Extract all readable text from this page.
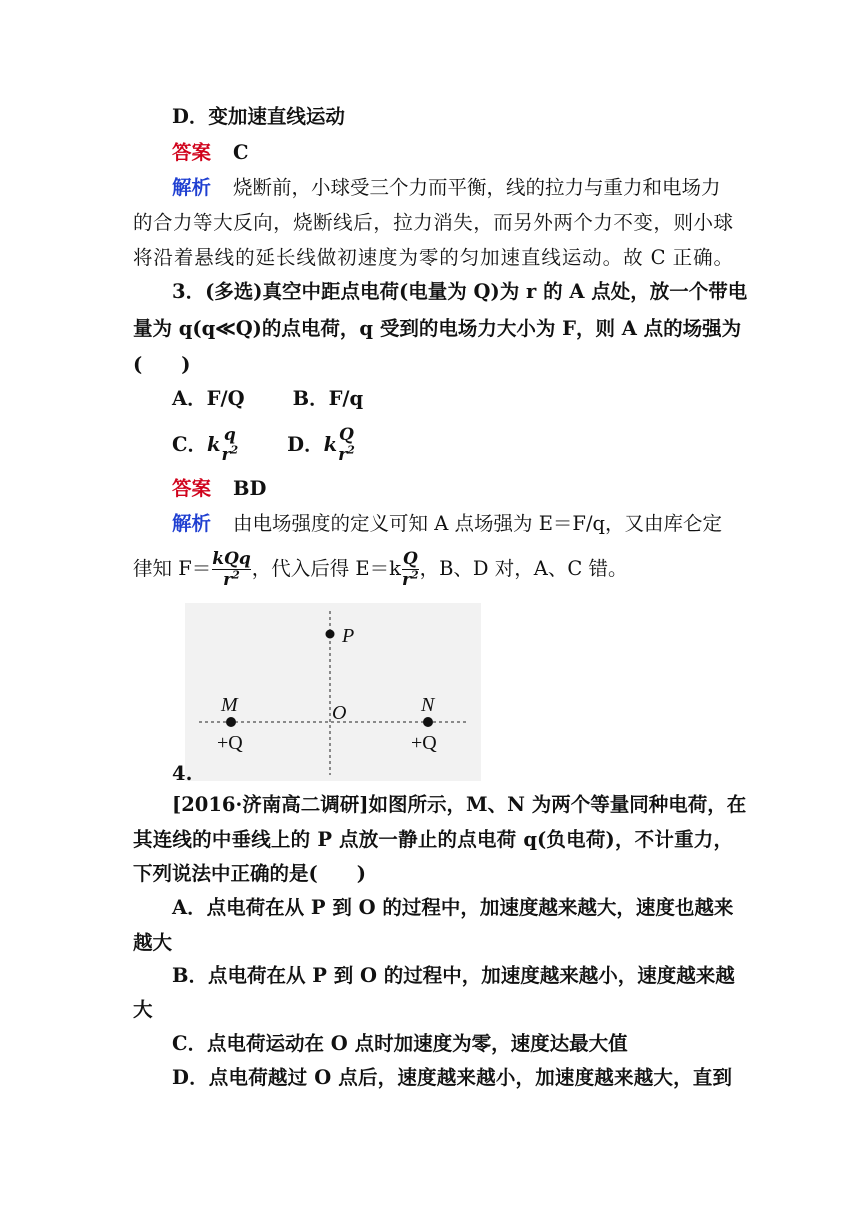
D．变加速直线运动
答案 C
解析 烧断前，小球受三个力而平衡，线的拉力与重力和电场力
的合力等大反向，烧断线后，拉力消失，而另外两个力不变，则小球
将沿着悬线的延长线做初速度为零的匀加速直线运动。故 C 正确。
3．(多选)真空中距点电荷(电量为 Q)为 r 的 A 点处，放一个带电
量为 q(q≪Q)的点电荷，q 受到的电场力大小为 F，则 A 点的场强为
(　　)
A．F/Q B．F/q
C．k q
$r^2$	D．k Q
$r^2$
答案 BD
解析 由电场强度的定义可知 A 点场强为 E＝F/q，又由库仑定
律知 $F= \frac{\text{kQq}}{r^2}$ ，代入后得 $E=k \frac{Q}{r^2}$ ，B、D 对，A、C 错。
P
M	O	N
+Q	+Q
4.
[2016·济南高二调研]如图所示，M、N 为两个等量同种电荷，在
其连线的中垂线上的 P 点放一静止的点电荷 q(负电荷)，不计重力，
下列说法中正确的是(　　)
A．点电荷在从 P 到 O 的过程中，加速度越来越大，速度也越来
越大
B．点电荷在从 P 到 O 的过程中，加速度越来越小，速度越来越
大
C．点电荷运动在 O 点时加速度为零，速度达最大值
D．点电荷越过 O 点后，速度越来越小，加速度越来越大，直到
